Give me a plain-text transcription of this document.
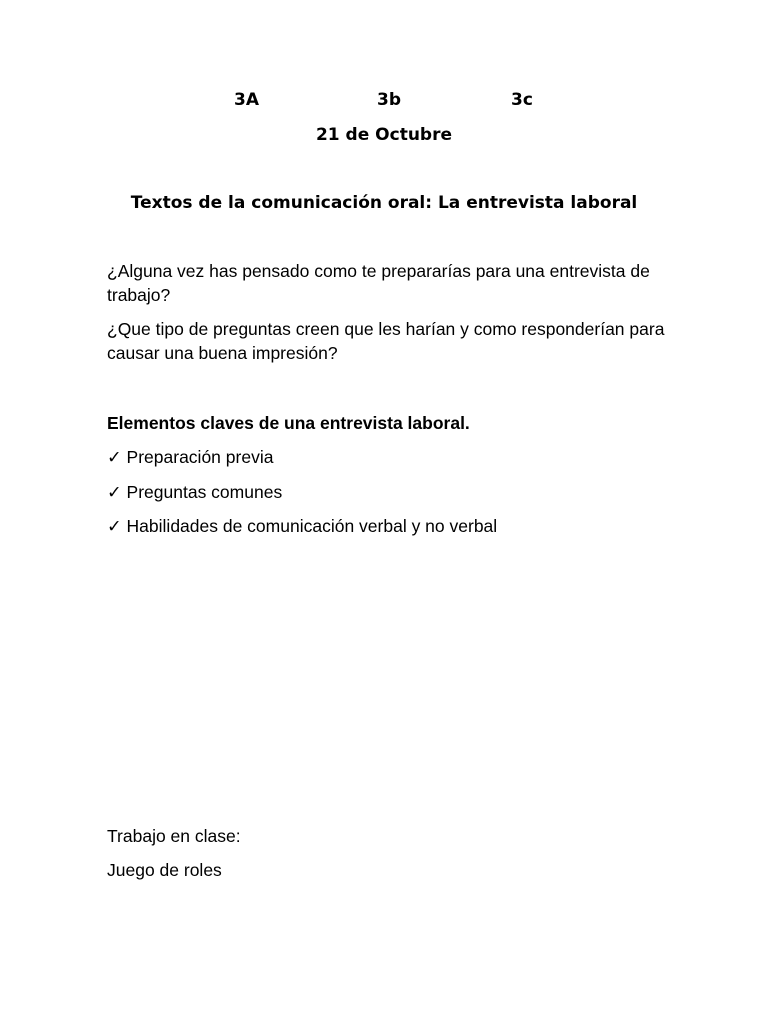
3A	3b	3c
21 de Octubre
Textos de la comunicación oral: La entrevista laboral
¿Alguna vez has pensado como te prepararías para una entrevista de trabajo?
¿Que tipo de preguntas creen que les harían y como responderían para causar una buena impresión?
Elementos claves de una entrevista laboral.
✓ Preparación previa
✓ Preguntas comunes
✓ Habilidades de comunicación verbal y no verbal
Trabajo en clase:
Juego de roles
